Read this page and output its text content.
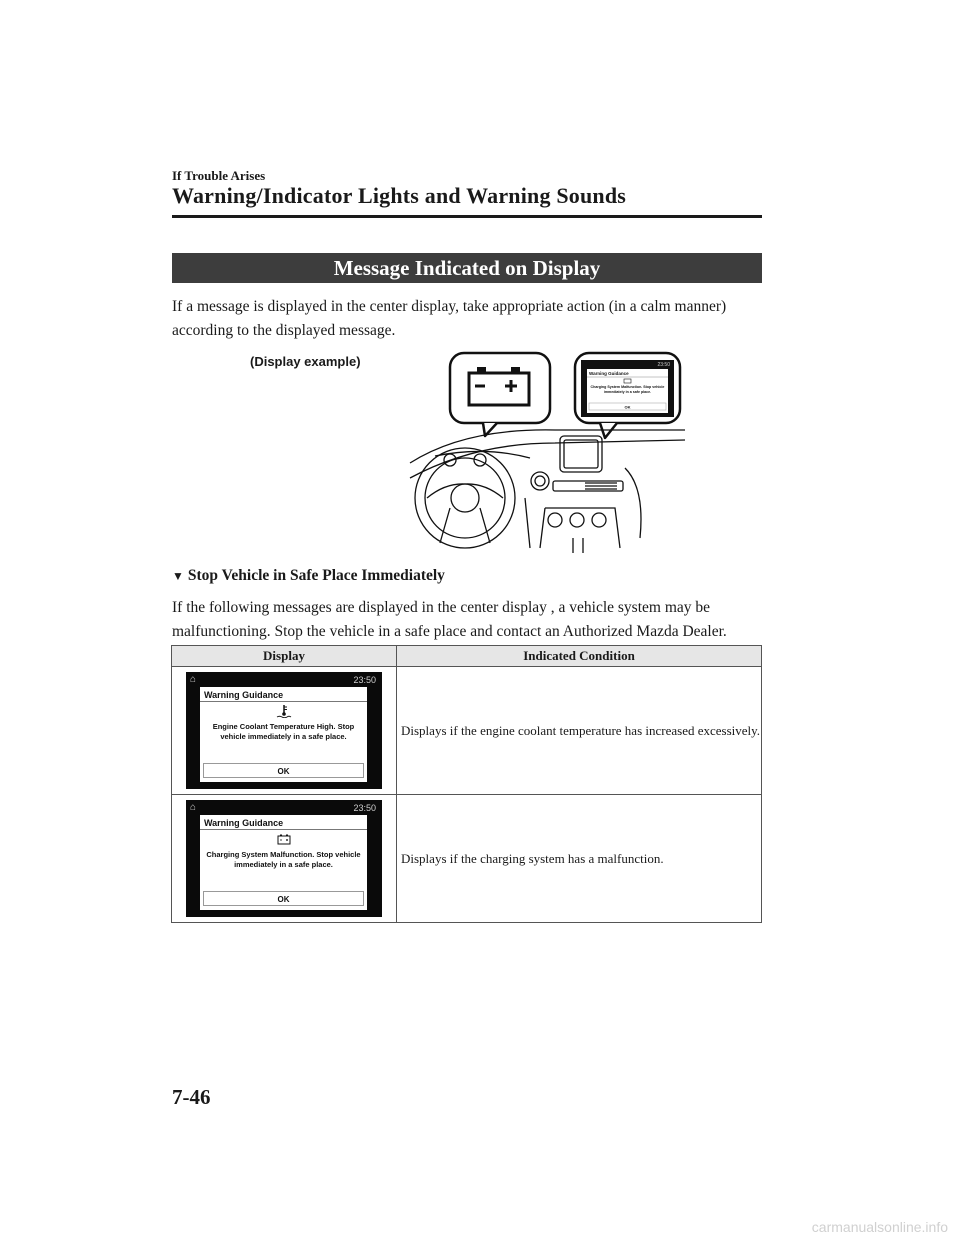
If Trouble Arises
Warning/Indicator Lights and Warning Sounds
Message Indicated on Display

If a message is displayed in the center display, take appropriate action (in a calm manner) according to the displayed message.

(Display example)	23:50
Warning Guidance
Charging System Malfunction. Stop vehicle immediately in a safe place.
OK
▼ Stop Vehicle in Safe Place Immediately

If the following messages are displayed in the center display , a vehicle system may be malfunctioning. Stop the vehicle in a safe place and contact an Authorized Mazda Dealer.

Display	Indicated Condition

⌂ 23:50
Warning Guidance
Engine Coolant Temperature High. Stop vehicle immediately in a safe place.
OK	Displays if the engine coolant temperature has increased excessively.

⌂ 23:50
Warning Guidance
Charging System Malfunction. Stop vehicle immediately in a safe place.
OK	Displays if the charging system has a malfunction.
7-46
carmanualsonline.info
